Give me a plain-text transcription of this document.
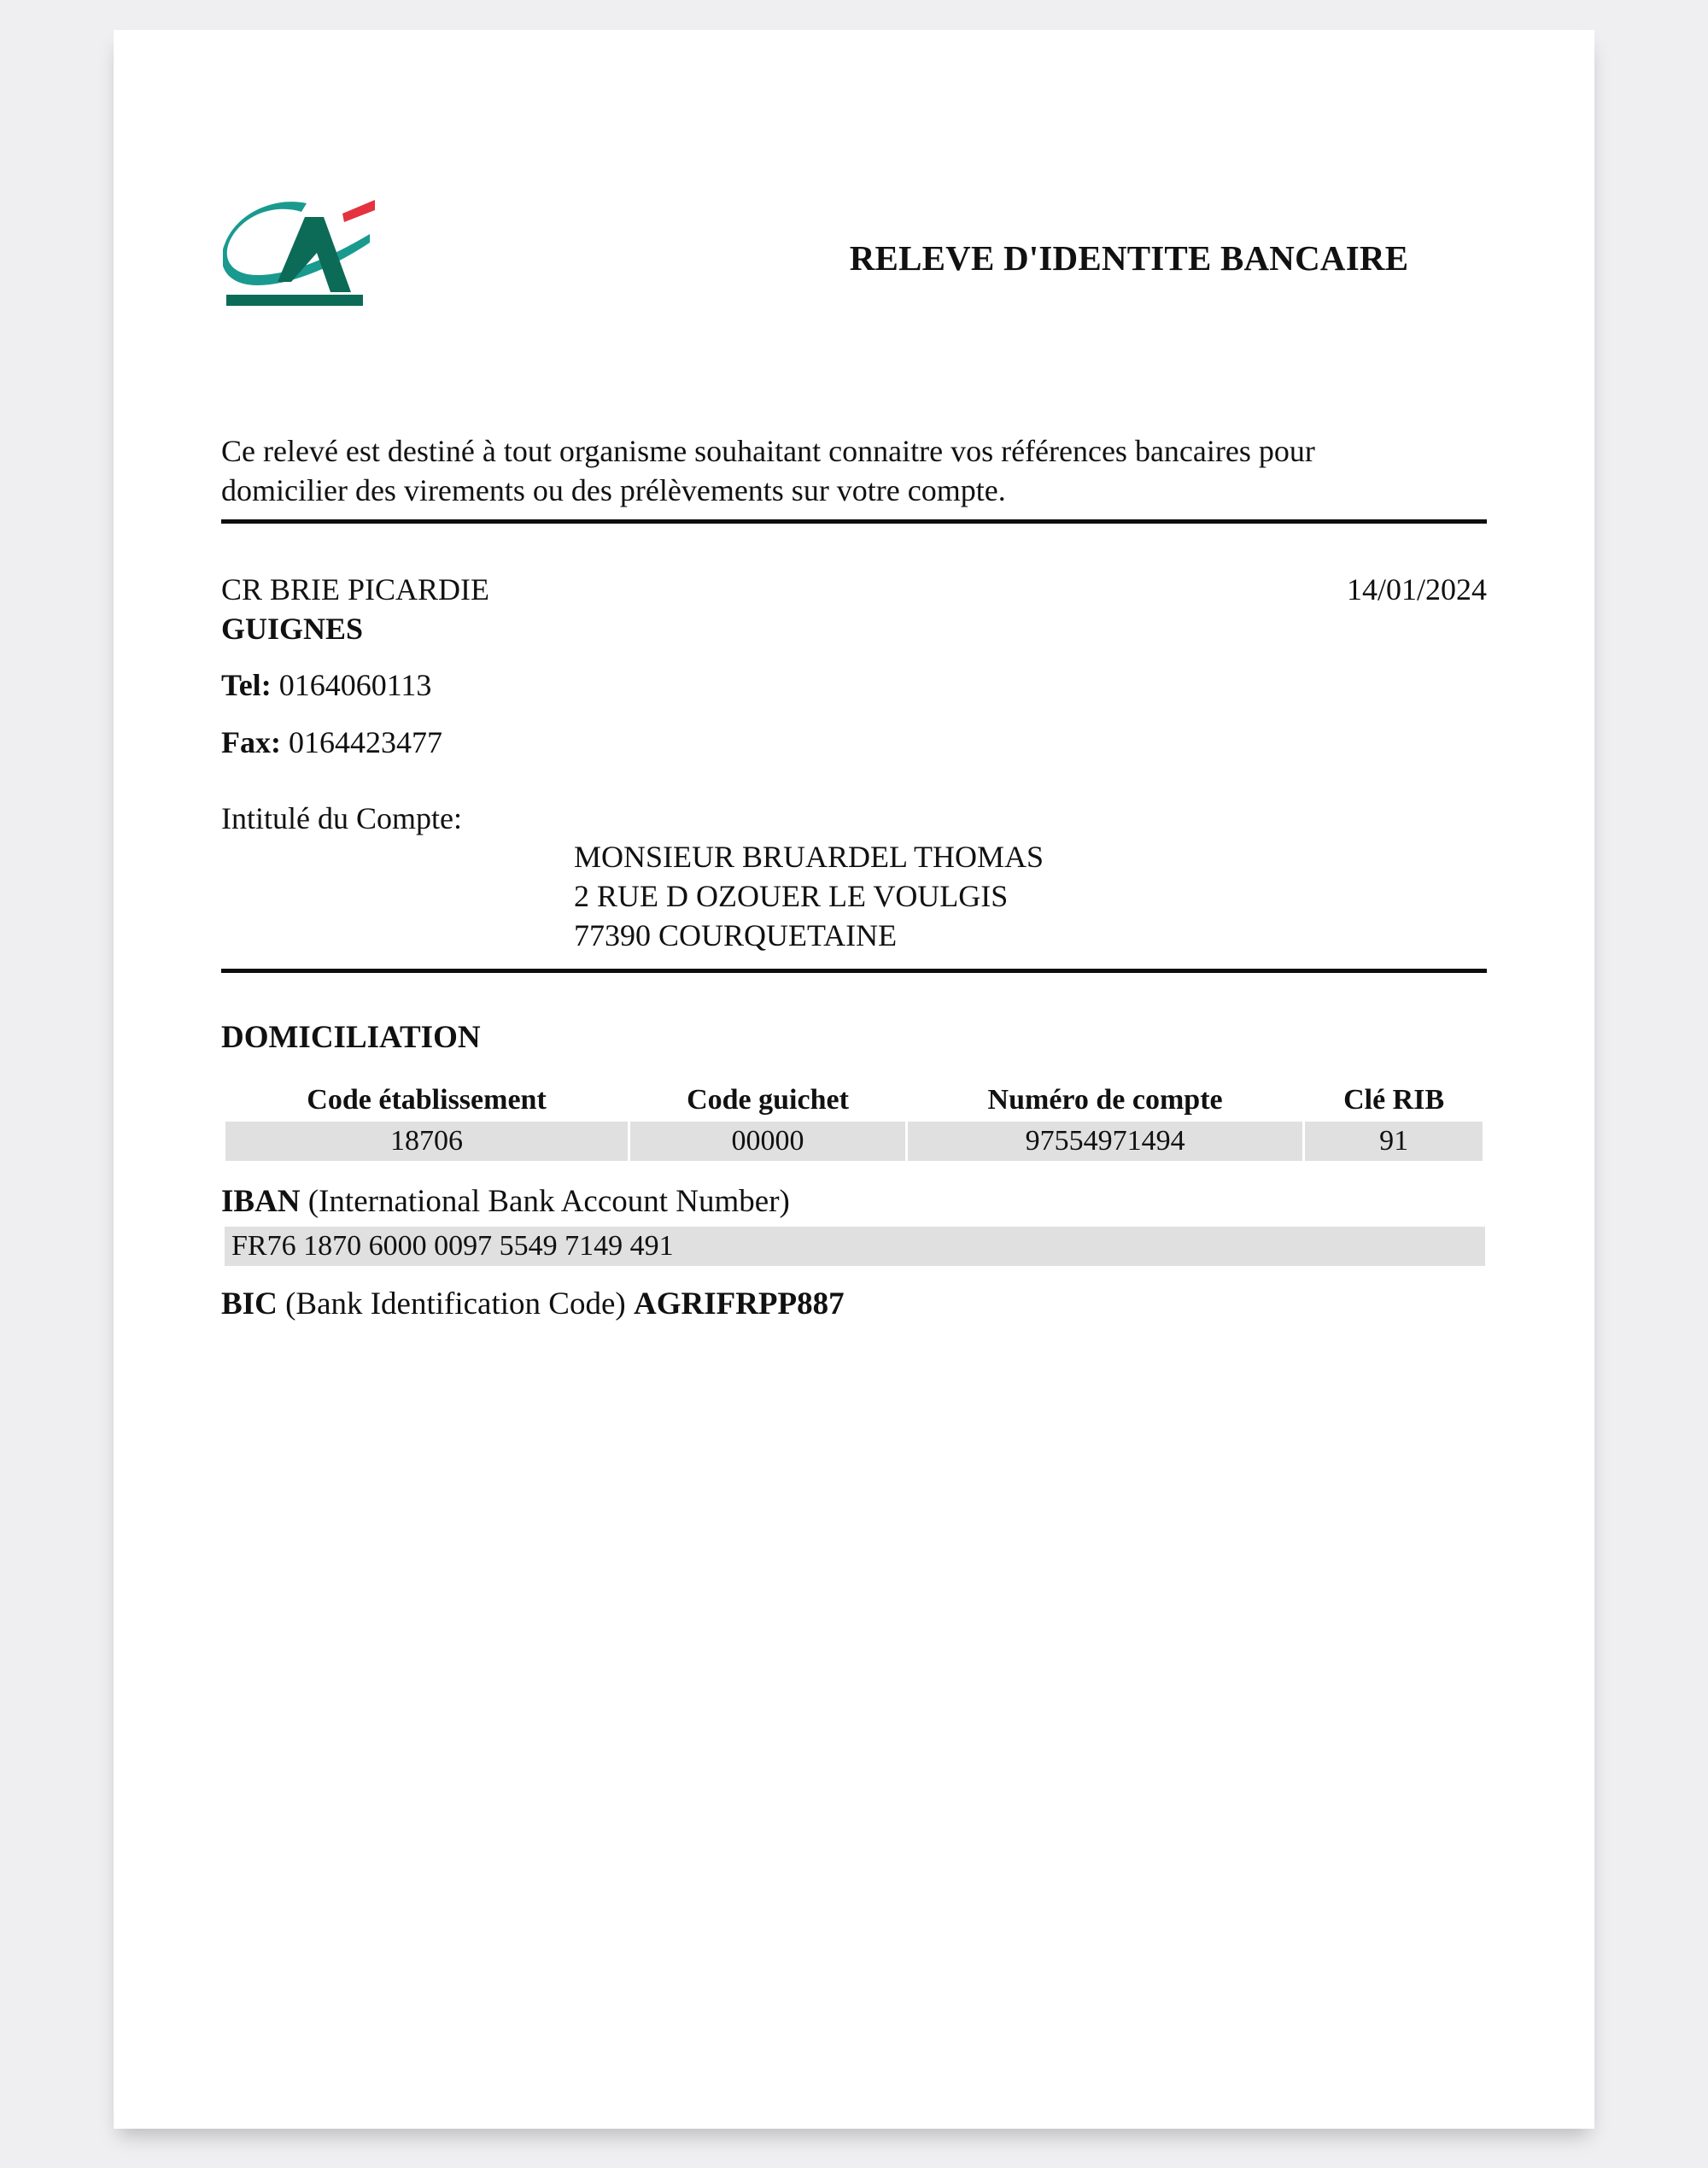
RELEVE D'IDENTITE BANCAIRE
Ce relevé est destiné à tout organisme souhaitant connaitre vos références bancaires pour
domicilier des virements ou des prélèvements sur votre compte.
CR BRIE PICARDIE
GUIGNES
14/01/2024
Tel: 0164060113
Fax: 0164423477
Intitulé du Compte:
MONSIEUR BRUARDEL THOMAS
2 RUE D OZOUER LE VOULGIS
77390 COURQUETAINE
DOMICILIATION
Code établissement	Code guichet	Numéro de compte	Clé RIB
18706	00000	97554971494	91
IBAN (International Bank Account Number)
FR76 1870 6000 0097 5549 7149 491
BIC (Bank Identification Code) AGRIFRPP887
